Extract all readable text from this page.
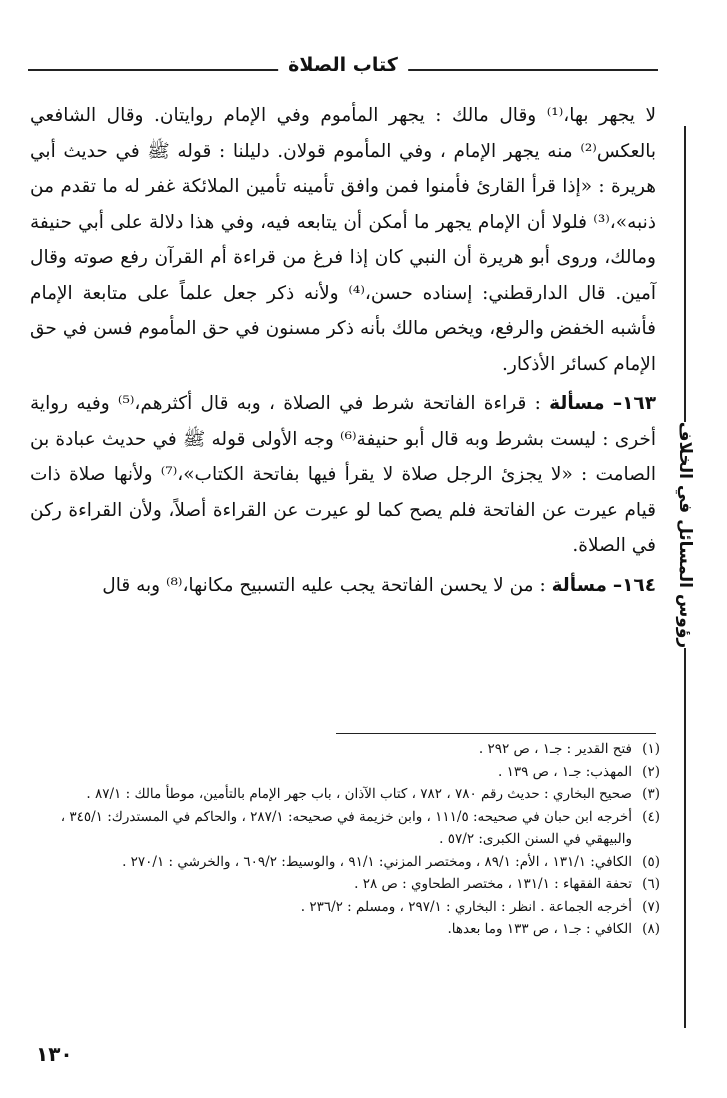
كتاب الصلاة
رؤوس المسائل في الخلاف

لا يجهر بها،⁽¹⁾ وقال مالك : يجهر المأموم وفي الإمام روايتان. وقال الشافعي بالعكس⁽²⁾ منه يجهر الإمام ، وفي المأموم قولان. دليلنا : قوله ﷺ في حديث أبي هريرة : «إذا قرأ القارئ فأمنوا فمن وافق تأمينه تأمين الملائكة غفر له ما تقدم من ذنبه»،⁽³⁾ فلولا أن الإمام يجهر ما أمكن أن يتابعه فيه، وفي هذا دلالة على أبي حنيفة ومالك، وروى أبو هريرة أن النبي كان إذا فرغ من قراءة أم القرآن رفع صوته وقال آمين. قال الدارقطني: إسناده حسن،⁽⁴⁾ ولأنه ذكر جعل علماً على متابعة الإمام فأشبه الخفض والرفع، ويخص مالك بأنه ذكر مسنون في حق المأموم فسن في حق الإمام كسائر الأذكار.

١٦٣– مسألة : قراءة الفاتحة شرط في الصلاة ، وبه قال أكثرهم،⁽⁵⁾ وفيه رواية أخرى : ليست بشرط وبه قال أبو حنيفة⁽⁶⁾ وجه الأولى قوله ﷺ في حديث عبادة بن الصامت : «لا يجزئ الرجل صلاة لا يقرأ فيها بفاتحة الكتاب»،⁽⁷⁾ ولأنها صلاة ذات قيام عيرت عن الفاتحة فلم يصح كما لو عيرت عن القراءة أصلاً، ولأن القراءة ركن في الصلاة.

١٦٤– مسألة : من لا يحسن الفاتحة يجب عليه التسبيح مكانها،⁽⁸⁾ وبه قال

(١)
فتح القدير : جـ١ ، ص ٢٩٢ .

(٢)
المهذب: جـ١ ، ص ١٣٩ .

(٣)
صحيح البخاري : حديث رقم ٧٨٠ ، ٧٨٢ ، كتاب الآذان ، باب جهر الإمام بالتأمين، موطأ مالك : ٨٧/١ .

(٤)
أخرجه ابن حبان في صحيحه: ١١١/٥ ، وابن خزيمة في صحيحه: ٢٨٧/١ ، والحاكم في المستدرك: ٣٤٥/١ ، والبيهقي في السنن الكبرى: ٥٧/٢ .

(٥)
الكافي: ١٣١/١ ، الأم: ٨٩/١ ، ومختصر المزني: ٩١/١ ، والوسيط: ٦٠٩/٢ ، والخرشي : ٢٧٠/١ .

(٦)
تحفة الفقهاء : ١٣١/١ ، مختصر الطحاوي : ص ٢٨ .

(٧)
أخرجه الجماعة . انظر : البخاري : ٢٩٧/١ ، ومسلم : ٢٣٦/٢ .

(٨)
الكافي : جـ١ ، ص ١٣٣ وما بعدها.

١٣٠
